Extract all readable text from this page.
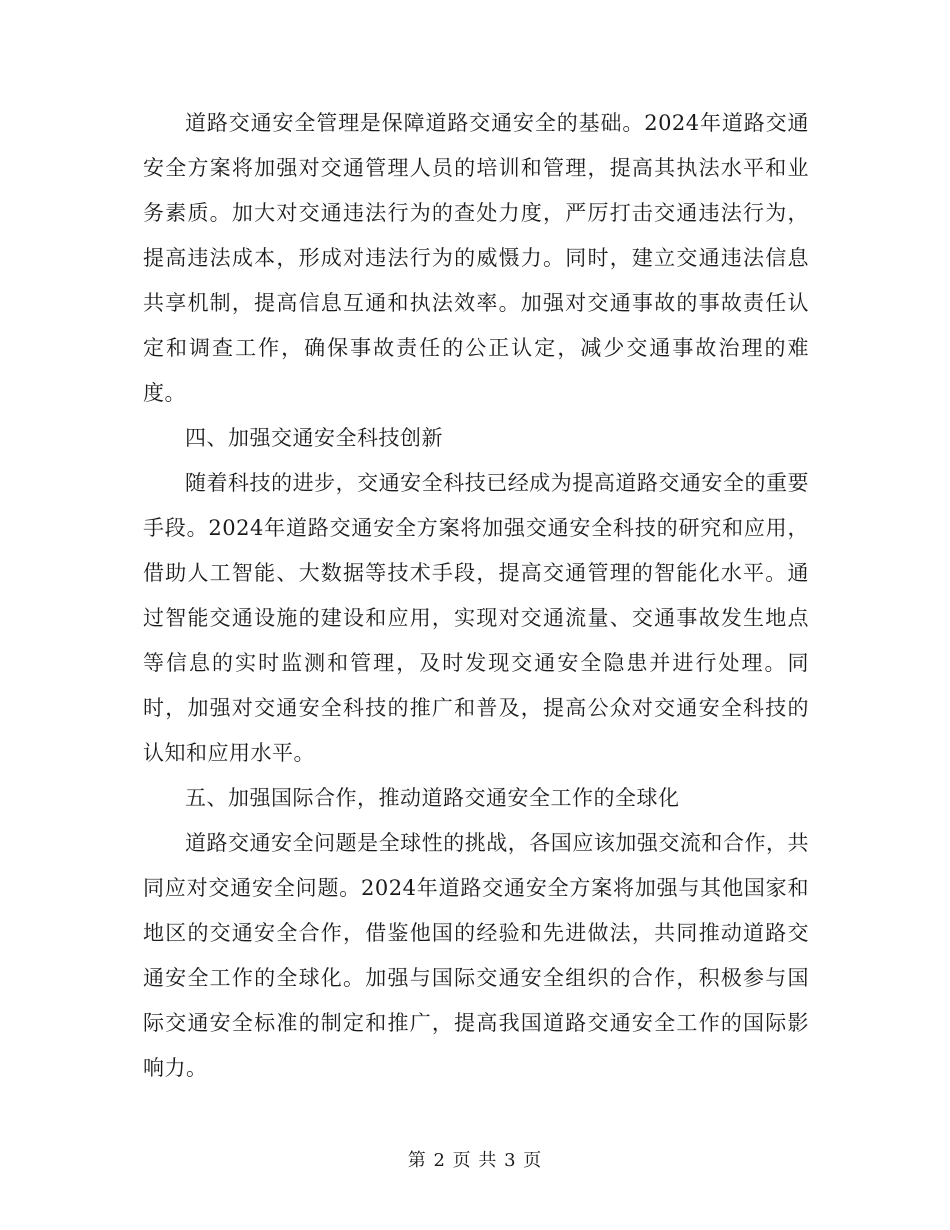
道路交通安全管理是保障道路交通安全的基础。2024年道路交通安全方案将加强对交通管理人员的培训和管理，提高其执法水平和业务素质。加大对交通违法行为的查处力度，严厉打击交通违法行为，提高违法成本，形成对违法行为的威慑力。同时，建立交通违法信息共享机制，提高信息互通和执法效率。加强对交通事故的事故责任认定和调查工作，确保事故责任的公正认定，减少交通事故治理的难度。

四、加强交通安全科技创新

随着科技的进步，交通安全科技已经成为提高道路交通安全的重要手段。2024年道路交通安全方案将加强交通安全科技的研究和应用，借助人工智能、大数据等技术手段，提高交通管理的智能化水平。通过智能交通设施的建设和应用，实现对交通流量、交通事故发生地点等信息的实时监测和管理，及时发现交通安全隐患并进行处理。同时，加强对交通安全科技的推广和普及，提高公众对交通安全科技的认知和应用水平。

五、加强国际合作，推动道路交通安全工作的全球化

道路交通安全问题是全球性的挑战，各国应该加强交流和合作，共同应对交通安全问题。2024年道路交通安全方案将加强与其他国家和地区的交通安全合作，借鉴他国的经验和先进做法，共同推动道路交通安全工作的全球化。加强与国际交通安全组织的合作，积极参与国际交通安全标准的制定和推广，提高我国道路交通安全工作的国际影响力。

第 2 页 共 3 页
